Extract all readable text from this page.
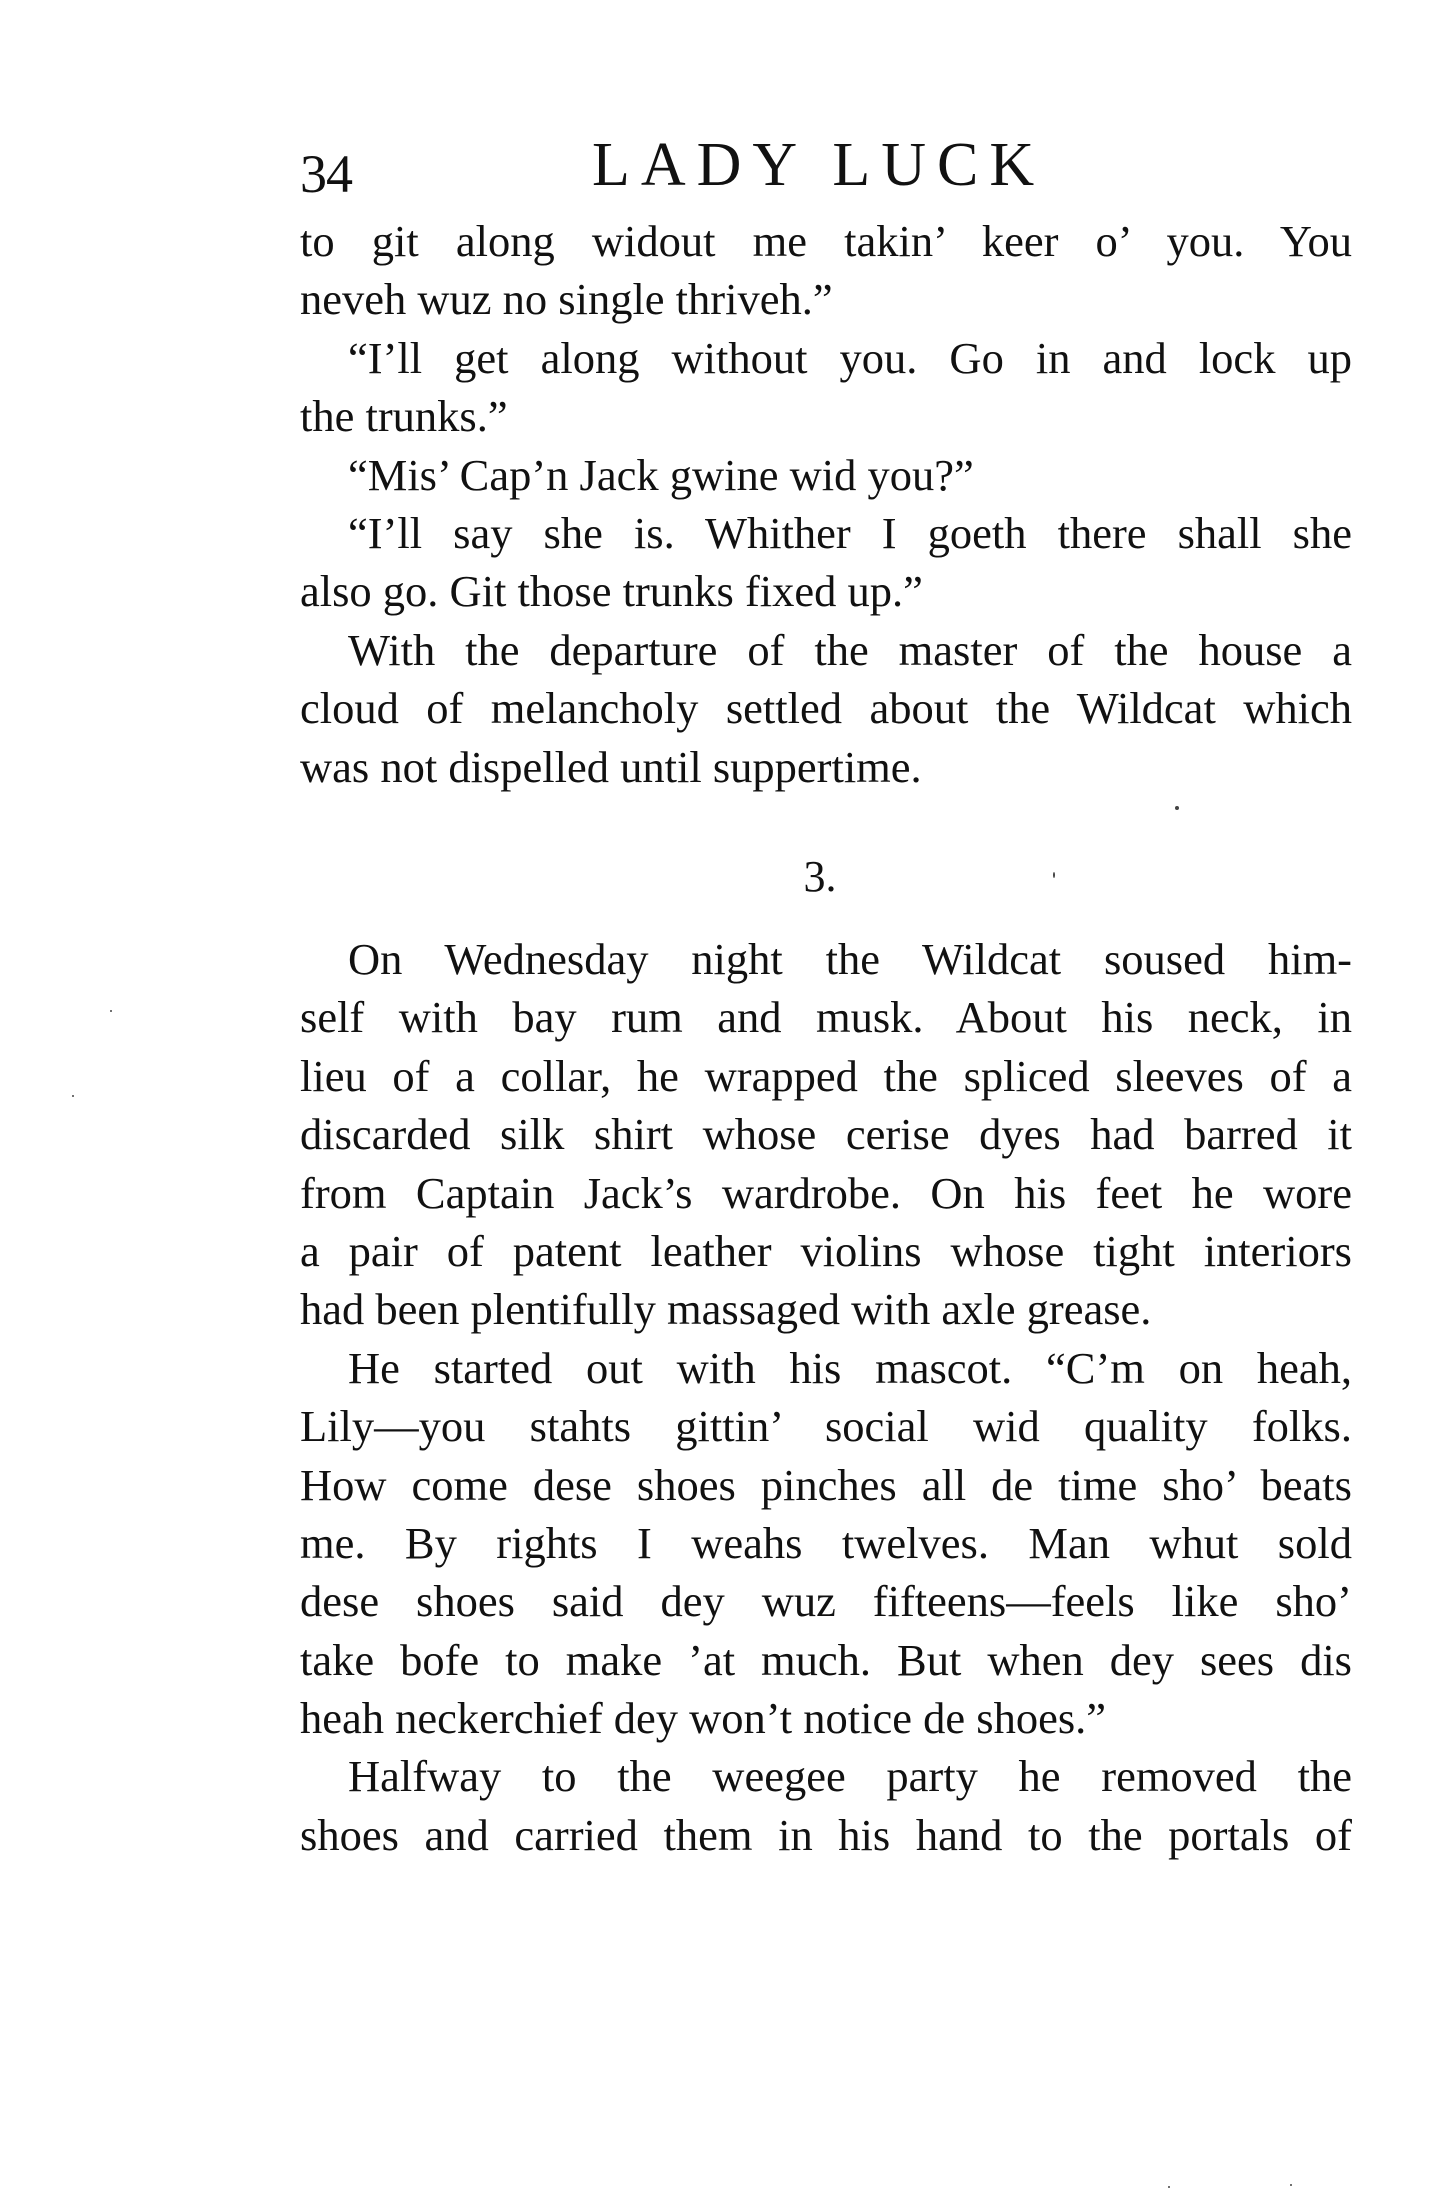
34	LADY LUCK
to git along widout me takin’ keer o’ you. You
neveh wuz no single thriveh.”
“I’ll get along without you. Go in and lock up
the trunks.”
“Mis’ Cap’n Jack gwine wid you?”
“I’ll say she is. Whither I goeth there shall she
also go. Git those trunks fixed up.”
With the departure of the master of the house a
cloud of melancholy settled about the Wildcat which
was not dispelled until suppertime.
3.
On Wednesday night the Wildcat soused him-
self with bay rum and musk. About his neck, in
lieu of a collar, he wrapped the spliced sleeves of a
discarded silk shirt whose cerise dyes had barred it
from Captain Jack’s wardrobe. On his feet he wore
a pair of patent leather violins whose tight interiors
had been plentifully massaged with axle grease.
He started out with his mascot. “C’m on heah,
Lily—you stahts gittin’ social wid quality folks.
How come dese shoes pinches all de time sho’ beats
me. By rights I weahs twelves. Man whut sold
dese shoes said dey wuz fifteens—feels like sho’
take bofe to make ’at much. But when dey sees dis
heah neckerchief dey won’t notice de shoes.”
Halfway to the weegee party he removed the
shoes and carried them in his hand to the portals of
